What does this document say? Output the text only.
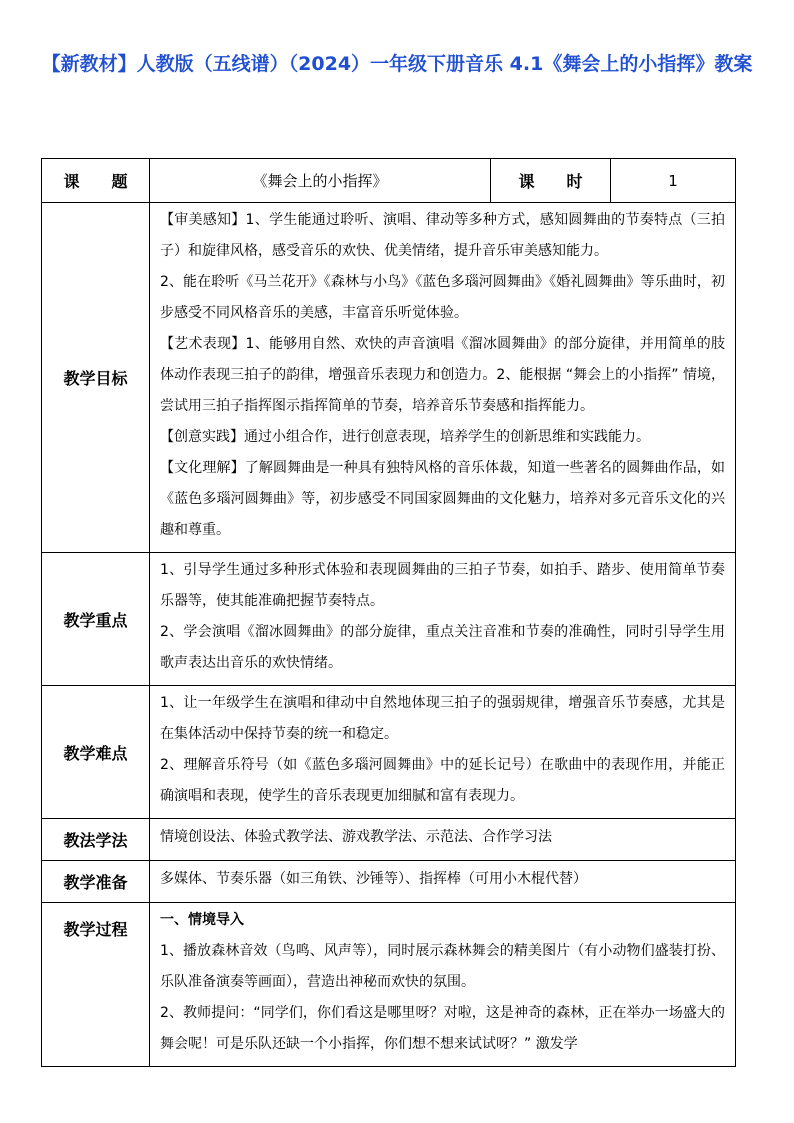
【新教材】人教版（五线谱）（2024）一年级下册音乐 4.1《舞会上的小指挥》教案
课　　题	《舞会上的小指挥》	课　　时	1
教学目标	【审美感知】1、学生能通过聆听、演唱、律动等多种方式，感知圆舞曲的节奏特点（三拍子）和旋律风格，感受音乐的欢快、优美情绪，提升音乐审美感知能力。

2、能在聆听《马兰花开》《森林与小鸟》《蓝色多瑙河圆舞曲》《婚礼圆舞曲》等乐曲时，初步感受不同风格音乐的美感，丰富音乐听觉体验。

【艺术表现】1、能够用自然、欢快的声音演唱《溜冰圆舞曲》的部分旋律，并用简单的肢体动作表现三拍子的韵律，增强音乐表现力和创造力。2、能根据 “舞会上的小指挥” 情境，尝试用三拍子指挥图示指挥简单的节奏，培养音乐节奏感和指挥能力。

【创意实践】通过小组合作，进行创意表现，培养学生的创新思维和实践能力。

【文化理解】了解圆舞曲是一种具有独特风格的音乐体裁，知道一些著名的圆舞曲作品，如《蓝色多瑙河圆舞曲》等，初步感受不同国家圆舞曲的文化魅力，培养对多元音乐文化的兴趣和尊重。		

教学重点	1、引导学生通过多种形式体验和表现圆舞曲的三拍子节奏，如拍手、踏步、使用简单节奏乐器等，使其能准确把握节奏特点。

2、学会演唱《溜冰圆舞曲》的部分旋律，重点关注音准和节奏的准确性，同时引导学生用歌声表达出音乐的欢快情绪。		

教学难点	1、让一年级学生在演唱和律动中自然地体现三拍子的强弱规律，增强音乐节奏感，尤其是在集体活动中保持节奏的统一和稳定。

2、理解音乐符号（如《蓝色多瑙河圆舞曲》中的延长记号）在歌曲中的表现作用，并能正确演唱和表现，使学生的音乐表现更加细腻和富有表现力。		

教法学法	情境创设法、体验式教学法、游戏教学法、示范法、合作学习法		
教学准备	多媒体、节奏乐器（如三角铁、沙锤等）、指挥棒（可用小木棍代替）		
教学过程	一、情境导入

1、播放森林音效（鸟鸣、风声等），同时展示森林舞会的精美图片（有小动物们盛装打扮、乐队准备演奏等画面），营造出神秘而欢快的氛围。

2、教师提问：“同学们，你们看这是哪里呀？对啦，这是神奇的森林，正在举办一场盛大的舞会呢！可是乐队还缺一个小指挥，你们想不想来试试呀？” 激发学		
